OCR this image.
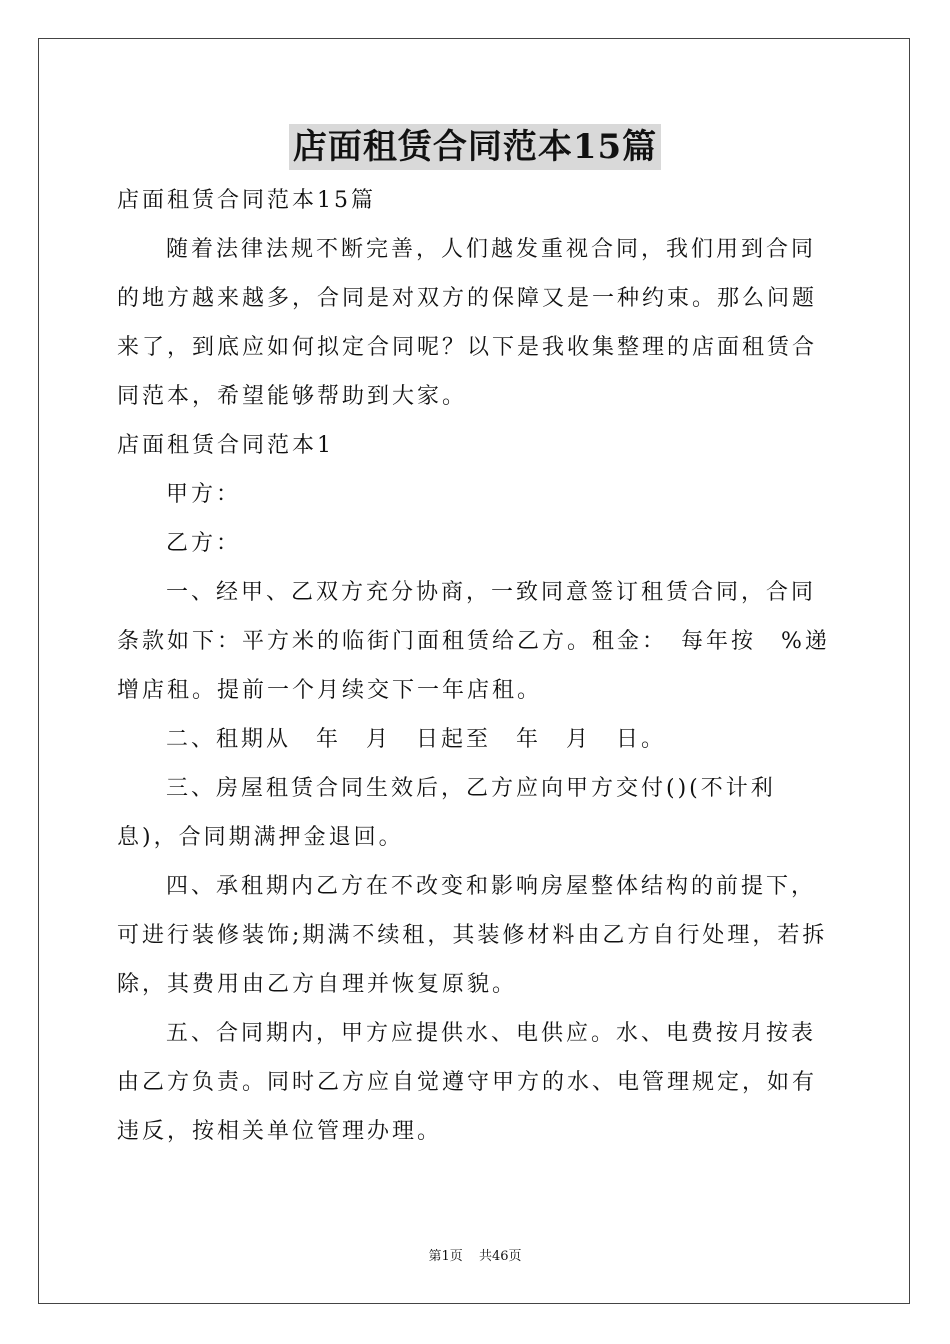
店面租赁合同范本15篇

店面租赁合同范本15篇

随着法律法规不断完善，人们越发重视合同，我们用到合同的地方越来越多，合同是对双方的保障又是一种约束。那么问题来了，到底应如何拟定合同呢？以下是我收集整理的店面租赁合同范本，希望能够帮助到大家。

店面租赁合同范本1

甲方：

乙方：

一、经甲、乙双方充分协商，一致同意签订租赁合同，合同条款如下：平方米的临街门面租赁给乙方。租金：　每年按　%递增店租。提前一个月续交下一年店租。

二、租期从　年　月　日起至　年　月　日。

三、房屋租赁合同生效后，乙方应向甲方交付()(不计利息)，合同期满押金退回。

四、承租期内乙方在不改变和影响房屋整体结构的前提下，可进行装修装饰;期满不续租，其装修材料由乙方自行处理，若拆除，其费用由乙方自理并恢复原貌。

五、合同期内，甲方应提供水、电供应。水、电费按月按表由乙方负责。同时乙方应自觉遵守甲方的水、电管理规定，如有违反，按相关单位管理办理。

第1页 共46页
